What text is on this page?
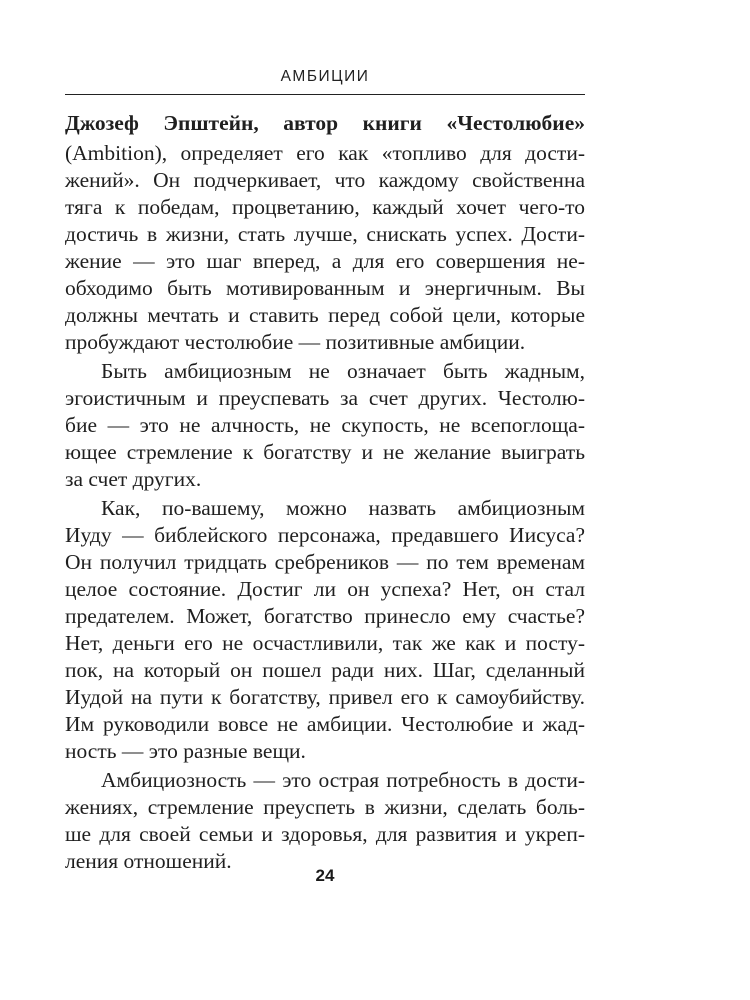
АМБИЦИИ
Джозеф Эпштейн, автор книги «Честолюбие»
(Ambition), определяет его как «топливо для дости-
жений». Он подчеркивает, что каждому свойственна
тяга к победам, процветанию, каждый хочет чего-то
достичь в жизни, стать лучше, снискать успех. Дости-
жение — это шаг вперед, а для его совершения не-
обходимо быть мотивированным и энергичным. Вы
должны мечтать и ставить перед собой цели, которые
пробуждают честолюбие — позитивные амбиции.
Быть амбициозным не означает быть жадным,
эгоистичным и преуспевать за счет других. Честолю-
бие — это не алчность, не скупость, не всепоглоща-
ющее стремление к богатству и не желание выиграть
за счет других.
Как, по-вашему, можно назвать амбициозным
Иуду — библейского персонажа, предавшего Иисуса?
Он получил тридцать сребреников — по тем временам
целое состояние. Достиг ли он успеха? Нет, он стал
предателем. Может, богатство принесло ему счастье?
Нет, деньги его не осчастливили, так же как и посту-
пок, на который он пошел ради них. Шаг, сделанный
Иудой на пути к богатству, привел его к самоубийству.
Им руководили вовсе не амбиции. Честолюбие и жад-
ность — это разные вещи.
Амбициозность — это острая потребность в дости-
жениях, стремление преуспеть в жизни, сделать боль-
ше для своей семьи и здоровья, для развития и укреп-
ления отношений.
24
